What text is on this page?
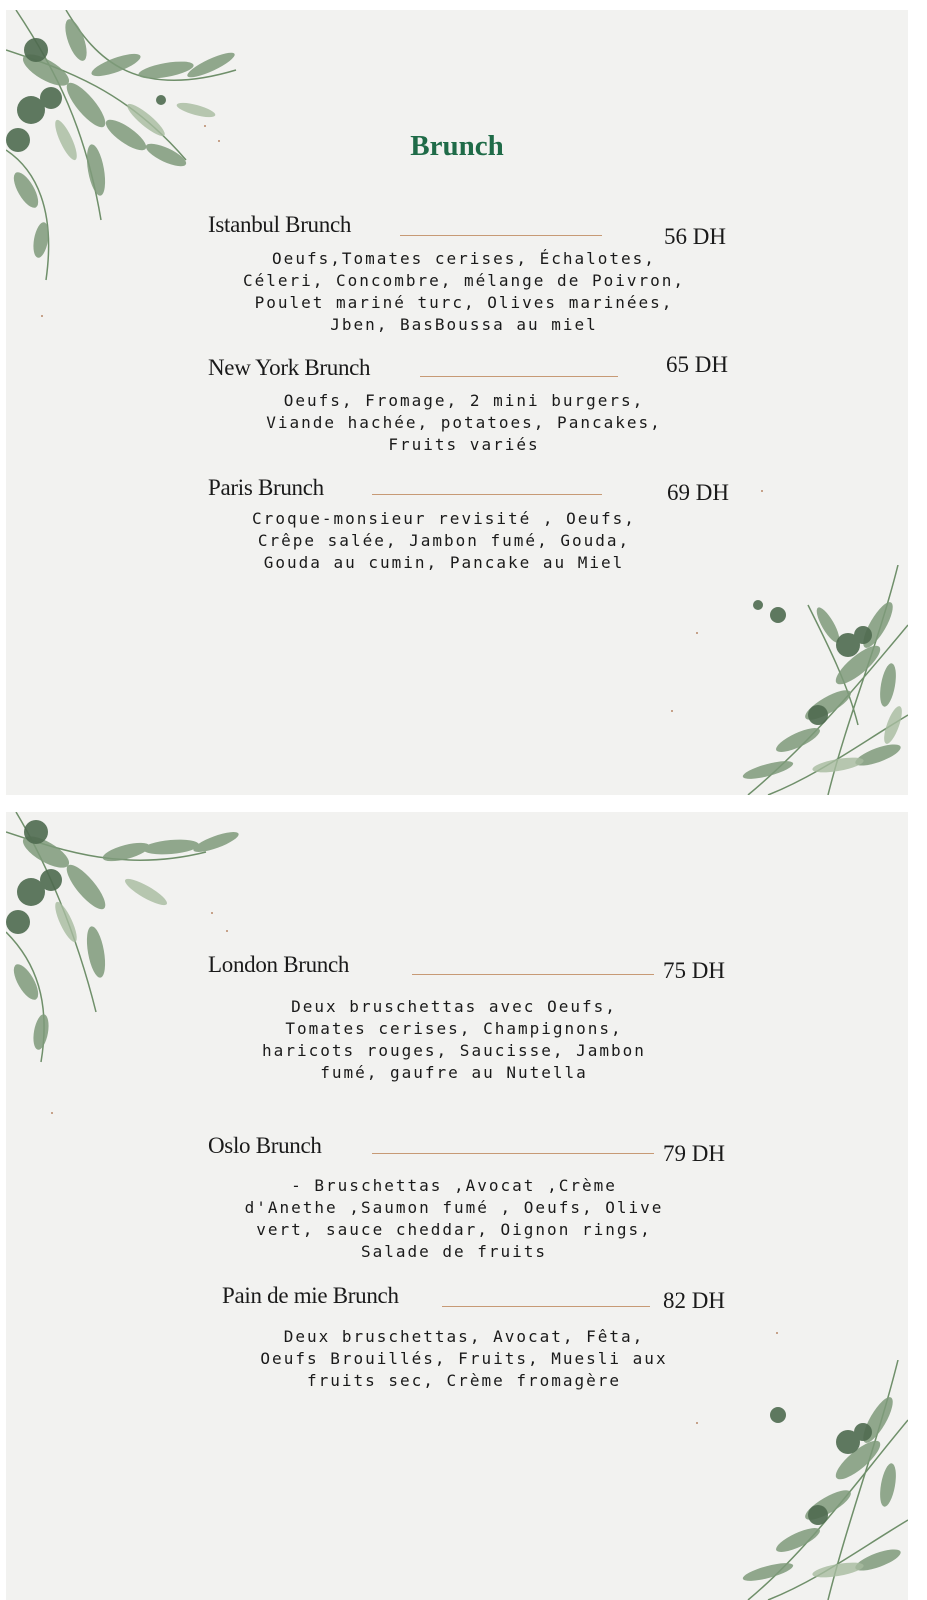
Brunch
Istanbul Brunch	56 DH
Oeufs,Tomates cerises, Échalotes,
Céleri, Concombre, mélange de Poivron,
Poulet mariné turc, Olives marinées,
Jben, BasBoussa au miel
New York Brunch	65 DH
Oeufs, Fromage, 2 mini burgers,
Viande hachée, potatoes, Pancakes,
Fruits variés
Paris Brunch	69 DH
Croque-monsieur revisité , Oeufs,
Crêpe salée, Jambon fumé, Gouda,
Gouda au cumin, Pancake au Miel
London Brunch	75 DH
Deux bruschettas avec Oeufs,
Tomates cerises, Champignons,
haricots rouges, Saucisse, Jambon
fumé, gaufre au Nutella
Oslo Brunch	79 DH
- Bruschettas ,Avocat ,Crème
d'Anethe ,Saumon fumé , Oeufs, Olive
vert, sauce cheddar, Oignon rings,
Salade de fruits
Pain de mie Brunch	82 DH
Deux bruschettas, Avocat, Fêta,
Oeufs Brouillés, Fruits, Muesli aux
fruits sec, Crème fromagère
